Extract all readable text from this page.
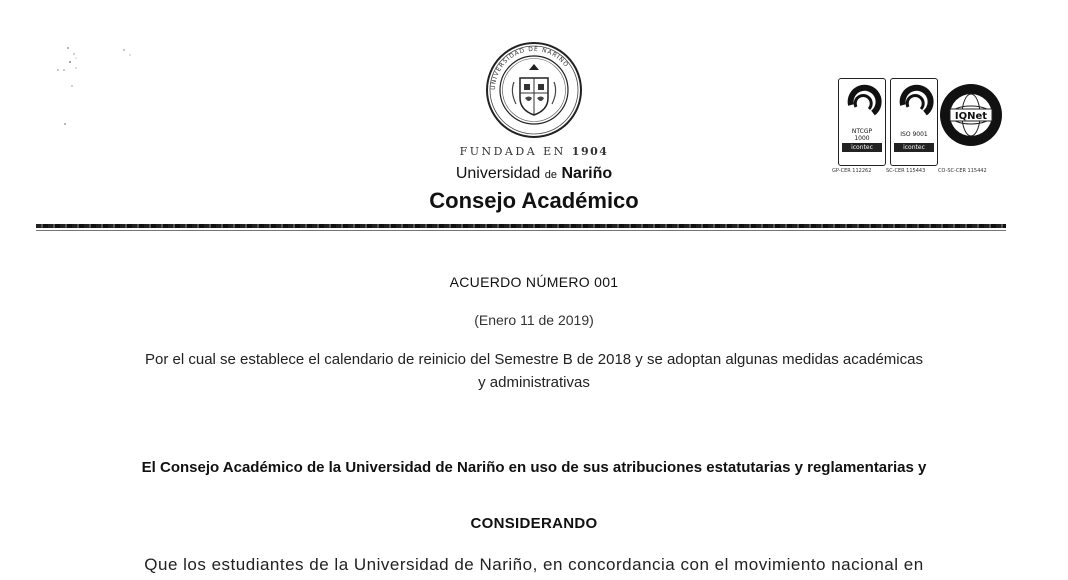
UNIVERSIDAD DE NARIÑO
FUNDADA EN 1904
Universidad de Nariño
Consejo Académico
NTCGP
1000
icontec
GP-CER 112262
ISO 9001
icontec
SC-CER 115443
IQNet
CO-SC-CER 115442
ACUERDO NÚMERO 001
(Enero 11 de 2019)
Por el cual se establece el calendario de reinicio del Semestre B de 2018 y se adoptan algunas medidas académicas y administrativas
El Consejo Académico de la Universidad de Nariño en uso de sus atribuciones estatutarias y reglamentarias y
CONSIDERANDO
Que los estudiantes de la Universidad de Nariño, en concordancia con el movimiento nacional en
